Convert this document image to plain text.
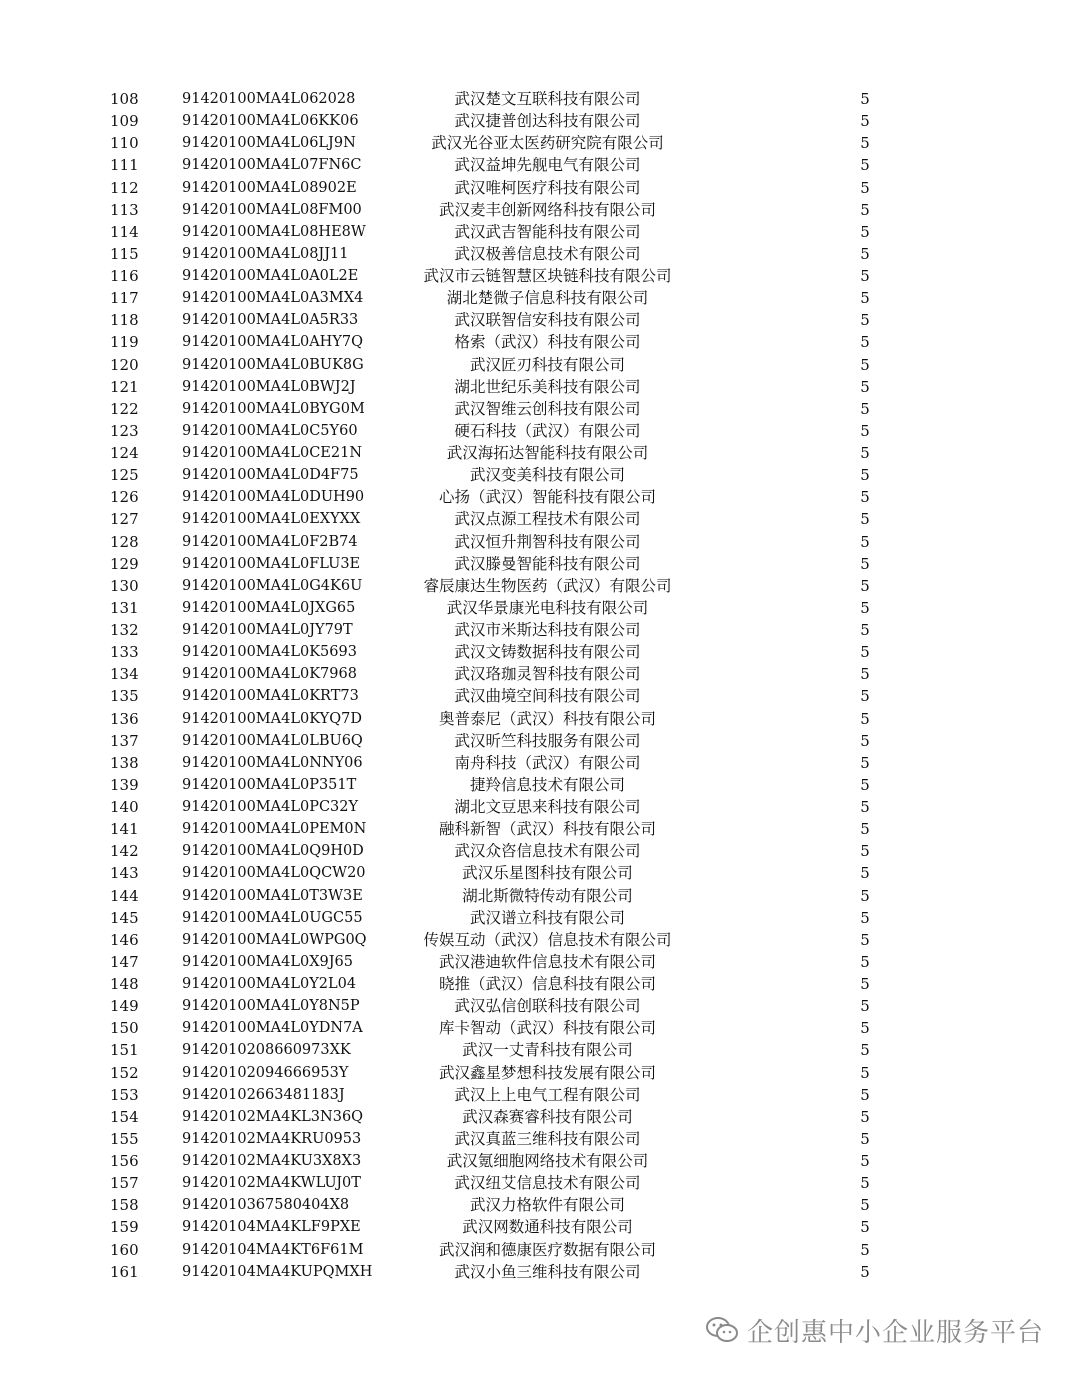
108	91420100MA4L062028	武汉楚文互联科技有限公司	5
109	91420100MA4L06KK06	武汉捷普创达科技有限公司	5
110	91420100MA4L06LJ9N	武汉光谷亚太医药研究院有限公司	5
111	91420100MA4L07FN6C	武汉益坤先舰电气有限公司	5
112	91420100MA4L08902E	武汉唯柯医疗科技有限公司	5
113	91420100MA4L08FM00	武汉麦丰创新网络科技有限公司	5
114	91420100MA4L08HE8W	武汉武吉智能科技有限公司	5
115	91420100MA4L08JJ11	武汉极善信息技术有限公司	5
116	91420100MA4L0A0L2E	武汉市云链智慧区块链科技有限公司	5
117	91420100MA4L0A3MX4	湖北楚微子信息科技有限公司	5
118	91420100MA4L0A5R33	武汉联智信安科技有限公司	5
119	91420100MA4L0AHY7Q	格索（武汉）科技有限公司	5
120	91420100MA4L0BUK8G	武汉匠刃科技有限公司	5
121	91420100MA4L0BWJ2J	湖北世纪乐美科技有限公司	5
122	91420100MA4L0BYG0M	武汉智维云创科技有限公司	5
123	91420100MA4L0C5Y60	硬石科技（武汉）有限公司	5
124	91420100MA4L0CE21N	武汉海拓达智能科技有限公司	5
125	91420100MA4L0D4F75	武汉变美科技有限公司	5
126	91420100MA4L0DUH90	心扬（武汉）智能科技有限公司	5
127	91420100MA4L0EXYXX	武汉点源工程技术有限公司	5
128	91420100MA4L0F2B74	武汉恒升荆智科技有限公司	5
129	91420100MA4L0FLU3E	武汉滕曼智能科技有限公司	5
130	91420100MA4L0G4K6U	睿辰康达生物医药（武汉）有限公司	5
131	91420100MA4L0JXG65	武汉华景康光电科技有限公司	5
132	91420100MA4L0JY79T	武汉市米斯达科技有限公司	5
133	91420100MA4L0K5693	武汉文铸数据科技有限公司	5
134	91420100MA4L0K7968	武汉珞珈灵智科技有限公司	5
135	91420100MA4L0KRT73	武汉曲境空间科技有限公司	5
136	91420100MA4L0KYQ7D	奥普泰尼（武汉）科技有限公司	5
137	91420100MA4L0LBU6Q	武汉昕竺科技服务有限公司	5
138	91420100MA4L0NNY06	南舟科技（武汉）有限公司	5
139	91420100MA4L0P351T	捷羚信息技术有限公司	5
140	91420100MA4L0PC32Y	湖北文豆思来科技有限公司	5
141	91420100MA4L0PEM0N	融科新智（武汉）科技有限公司	5
142	91420100MA4L0Q9H0D	武汉众咨信息技术有限公司	5
143	91420100MA4L0QCW20	武汉乐星图科技有限公司	5
144	91420100MA4L0T3W3E	湖北斯微特传动有限公司	5
145	91420100MA4L0UGC55	武汉谱立科技有限公司	5
146	91420100MA4L0WPG0Q	传娱互动（武汉）信息技术有限公司	5
147	91420100MA4L0X9J65	武汉港迪软件信息技术有限公司	5
148	91420100MA4L0Y2L04	晓推（武汉）信息科技有限公司	5
149	91420100MA4L0Y8N5P	武汉弘信创联科技有限公司	5
150	91420100MA4L0YDN7A	库卡智动（武汉）科技有限公司	5
151	9142010208660973XK	武汉一丈青科技有限公司	5
152	91420102094666953Y	武汉鑫星梦想科技发展有限公司	5
153	91420102663481183J	武汉上上电气工程有限公司	5
154	91420102MA4KL3N36Q	武汉森赛睿科技有限公司	5
155	91420102MA4KRU0953	武汉真蓝三维科技有限公司	5
156	91420102MA4KU3X8X3	武汉氪细胞网络技术有限公司	5
157	91420102MA4KWLUJ0T	武汉纽艾信息技术有限公司	5
158	9142010367580404X8	武汉力格软件有限公司	5
159	91420104MA4KLF9PXE	武汉网数通科技有限公司	5
160	91420104MA4KT6F61M	武汉润和德康医疗数据有限公司	5
161	91420104MA4KUPQMXH	武汉小鱼三维科技有限公司	5
企创惠中小企业服务平台
